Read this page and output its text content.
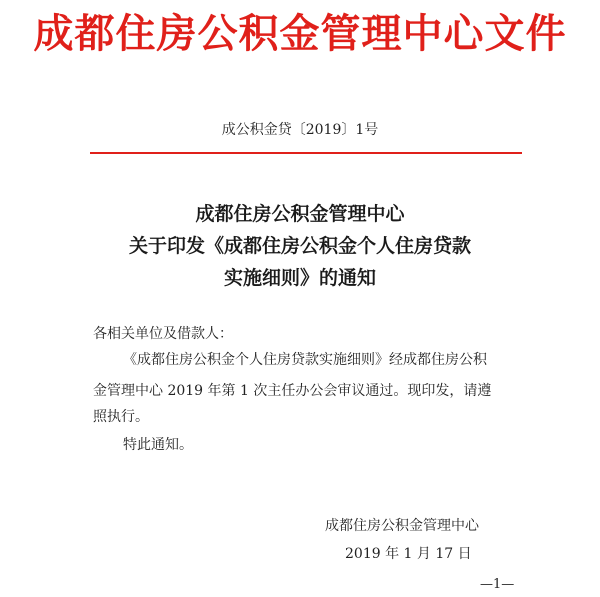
成都住房公积金管理中心文件
成公积金贷〔2019〕1号
成都住房公积金管理中心
关于印发《成都住房公积金个人住房贷款
实施细则》的通知
各相关单位及借款人：
《成都住房公积金个人住房贷款实施细则》经成都住房公积
金管理中心 2019 年第 1 次主任办公会审议通过。现印发，请遵
照执行。
特此通知。
成都住房公积金管理中心
2019 年 1 月 17 日
—1—
